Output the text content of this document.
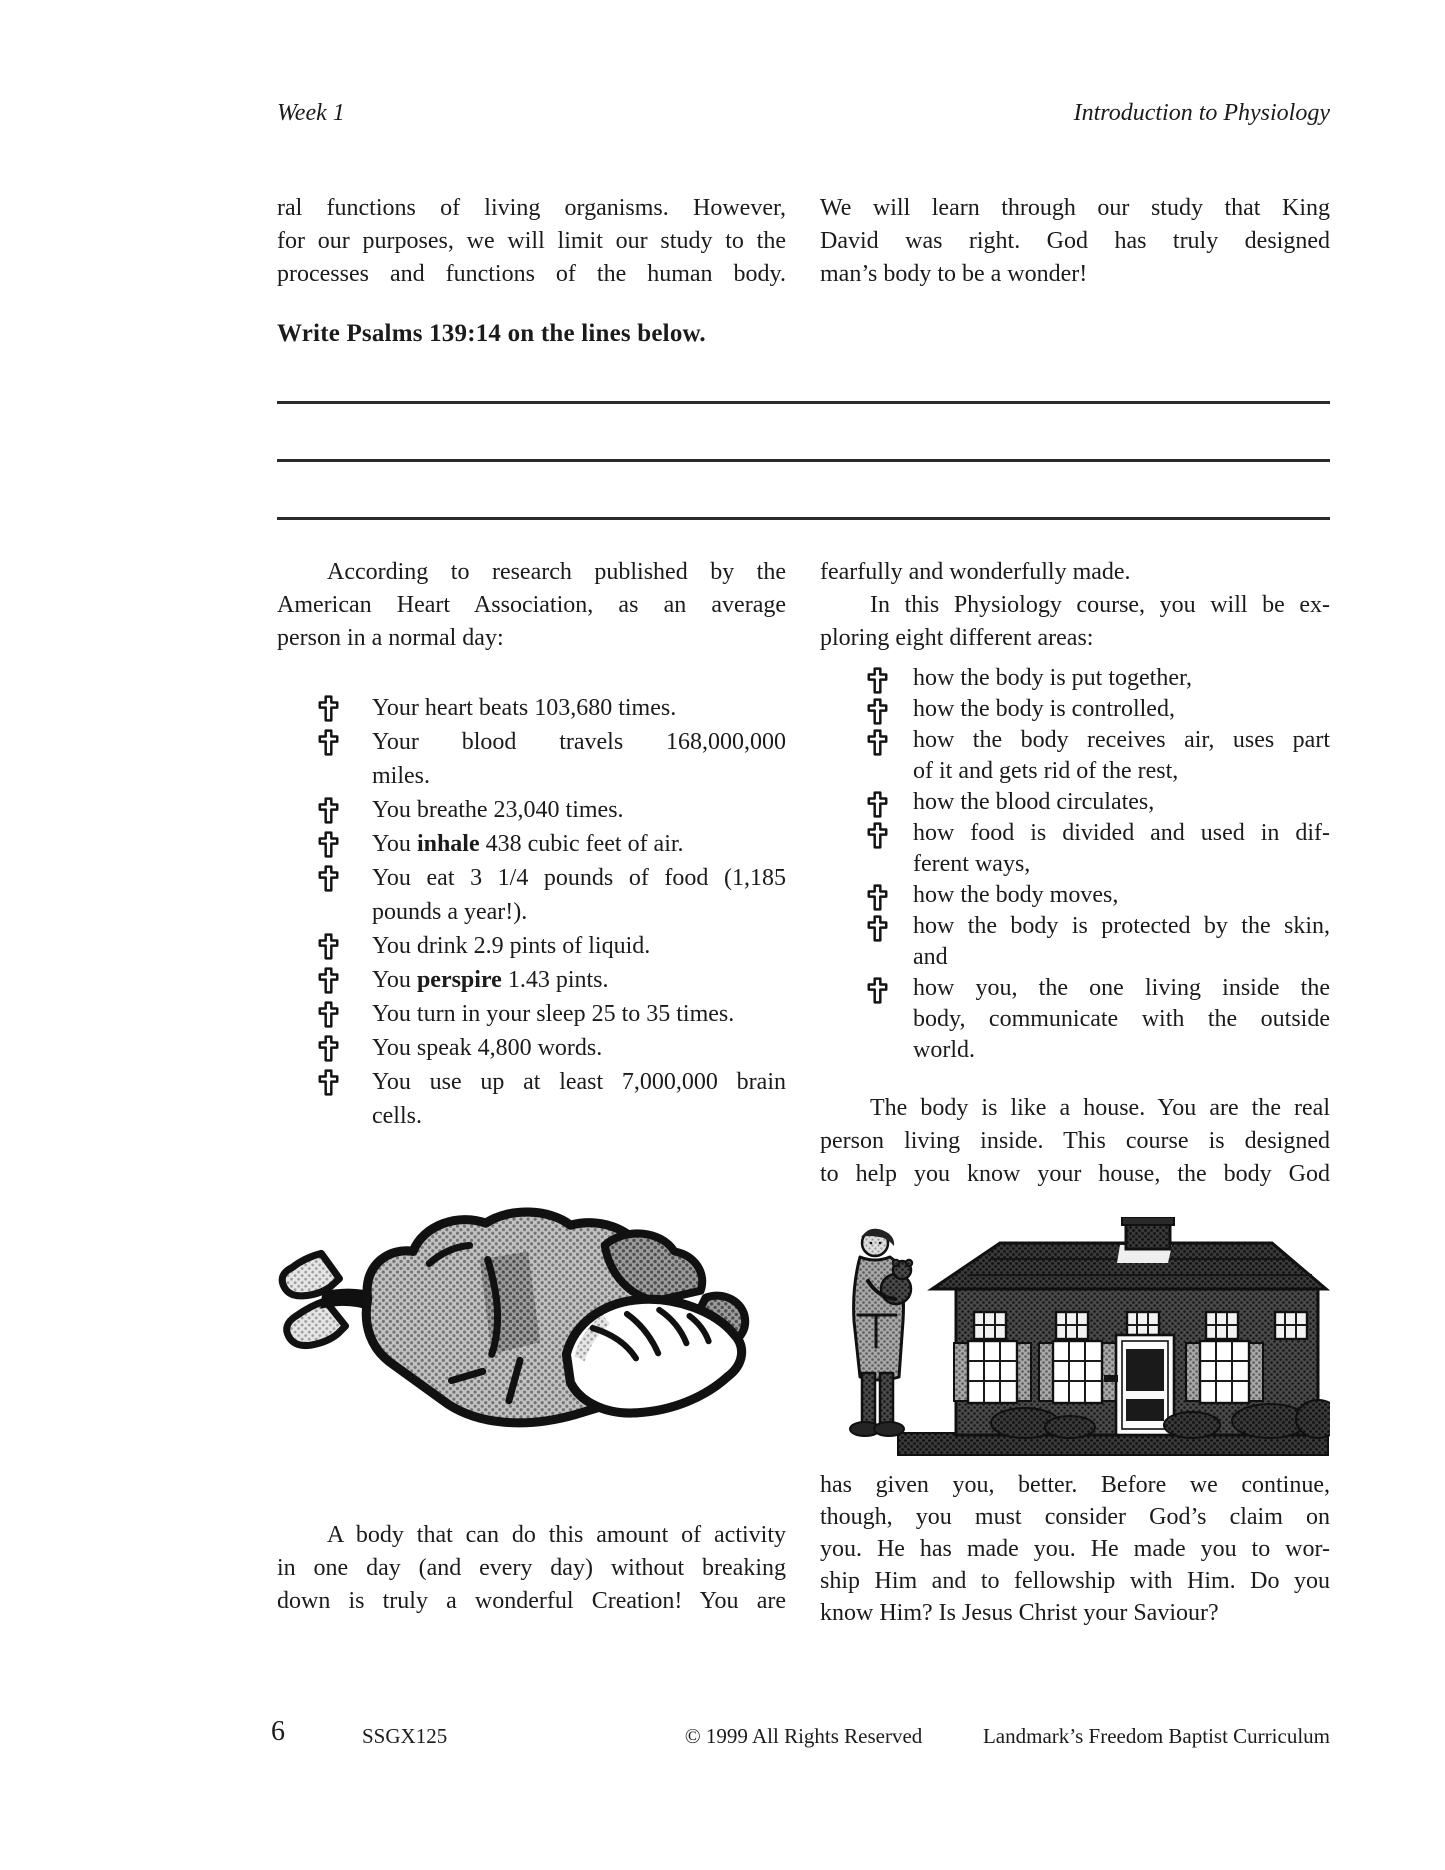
Week 1	Introduction to Physiology
ral functions of living organisms. However,
for our purposes, we will limit our study to the
processes and functions of the human body.
We will learn through our study that King
David was right. God has truly designed
man’s body to be a wonder!
Write Psalms 139:14 on the lines below.
According to research published by the
American Heart Association, as an average
person in a normal day:
Your heart beats 103,680 times.
Your blood travels 168,000,000
miles.
You breathe 23,040 times.
You inhale 438 cubic feet of air.
You eat 3 1/4 pounds of food (1,185
pounds a year!).
You drink 2.9 pints of liquid.
You perspire 1.43 pints.
You turn in your sleep 25 to 35 times.
You speak 4,800 words.
You use up at least 7,000,000 brain
cells.
A body that can do this amount of activity
in one day (and every day) without breaking
down is truly a wonderful Creation! You are
fearfully and wonderfully made.
In this Physiology course, you will be ex-
ploring eight different areas:
how the body is put together,
how the body is controlled,
how the body receives air, uses part
of it and gets rid of the rest,
how the blood circulates,
how food is divided and used in dif-
ferent ways,
how the body moves,
how the body is protected by the skin,
and
how you, the one living inside the
body, communicate with the outside
world.
The body is like a house. You are the real
person living inside. This course is designed
to help you know your house, the body God
has given you, better. Before we continue,
though, you must consider God’s claim on
you. He has made you. He made you to wor-
ship Him and to fellowship with Him. Do you
know Him? Is Jesus Christ your Saviour?
6	SSGX125	© 1999 All Rights Reserved	Landmark’s Freedom Baptist Curriculum
